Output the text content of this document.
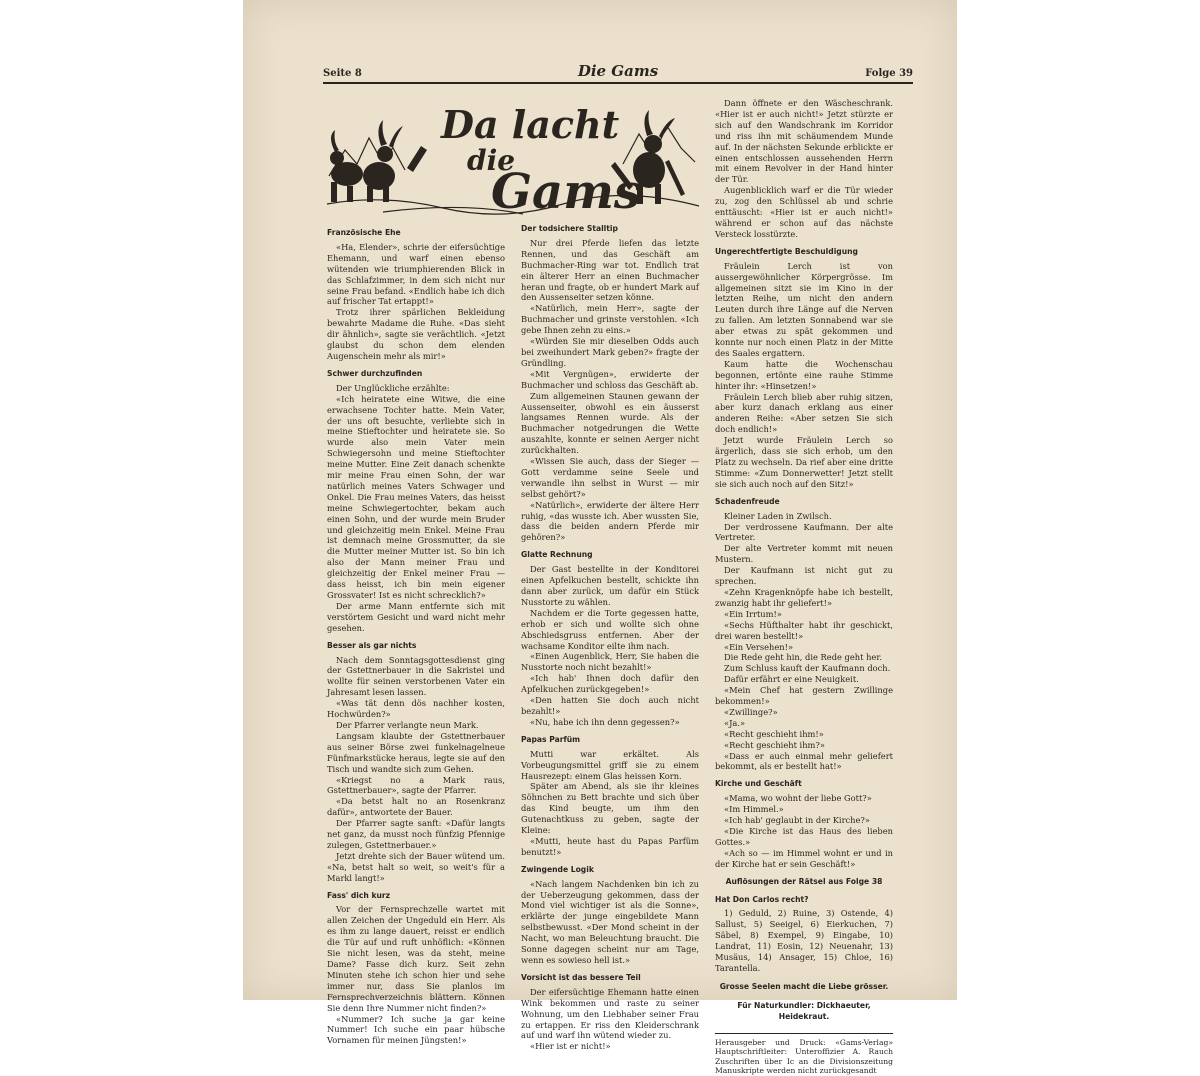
Seite 8	Die Gams	Folge 39
Da lacht
die
Gams
Französische Ehe

«Ha, Elender», schrie der eifersüchtige Ehemann, und warf einen ebenso wütenden wie triumphierenden Blick in das Schlafzimmer, in dem sich nicht nur seine Frau befand. «Endlich habe ich dich auf frischer Tat ertappt!»

Trotz ihrer spärlichen Bekleidung bewahrte Madame die Ruhe. «Das sieht dir ähnlich», sagte sie verächtlich. «Jetzt glaubst du schon dem elenden Augenschein mehr als mir!»

Schwer durchzufinden

Der Unglückliche erzählte:

«Ich heiratete eine Witwe, die eine erwachsene Tochter hatte. Mein Vater, der uns oft besuchte, verliebte sich in meine Stieftochter und heiratete sie. So wurde also mein Vater mein Schwiegersohn und meine Stieftochter meine Mutter. Eine Zeit danach schenkte mir meine Frau einen Sohn, der war natürlich meines Vaters Schwager und Onkel. Die Frau meines Vaters, das heisst meine Schwiegertochter, bekam auch einen Sohn, und der wurde mein Bruder und gleichzeitig mein Enkel. Meine Frau ist demnach meine Grossmutter, da sie die Mutter meiner Mutter ist. So bin ich also der Mann meiner Frau und gleichzeitig der Enkel meiner Frau — dass heisst, ich bin mein eigener Grossvater! Ist es nicht schrecklich?»

Der arme Mann entfernte sich mit verstörtem Gesicht und ward nicht mehr gesehen.

Besser als gar nichts

Nach dem Sonntagsgottesdienst ging der Gstettnerbauer in die Sakristei und wollte für seinen verstorbenen Vater ein Jahresamt lesen lassen.

«Was tät denn dös nachher kosten, Hochwürden?»

Der Pfarrer verlangte neun Mark.

Langsam klaubte der Gstettnerbauer aus seiner Börse zwei funkelnagelneue Fünfmarkstücke heraus, legte sie auf den Tisch und wandte sich zum Gehen.

«Kriegst no a Mark raus, Gstettnerbauer», sagte der Pfarrer.

«Da betst halt no an Rosenkranz dafür», antwortete der Bauer.

Der Pfarrer sagte sanft: «Dafür langts net ganz, da musst noch fünfzig Pfennige zulegen, Gstettnerbauer.»

Jetzt drehte sich der Bauer wütend um. «Na, betst halt so weit, so weit's für a Markl langt!»

Fass' dich kurz

Vor der Fernsprechzelle wartet mit allen Zeichen der Ungeduld ein Herr. Als es ihm zu lange dauert, reisst er endlich die Tür auf und ruft unhöflich: «Können Sie nicht lesen, was da steht, meine Dame? Fasse dich kurz. Seit zehn Minuten stehe ich schon hier und sehe immer nur, dass Sie planlos im Fernsprechverzeichnis blättern. Können Sie denn Ihre Nummer nicht finden?»

«Nummer? Ich suche ja gar keine Nummer! Ich suche ein paar hübsche Vornamen für meinen Jüngsten!»

Der todsichere Stalltip

Nur drei Pferde liefen das letzte Rennen, und das Geschäft am Buchmacher-Ring war tot. Endlich trat ein älterer Herr an einen Buchmacher heran und fragte, ob er hundert Mark auf den Aussenseiter setzen könne.

«Natürlich, mein Herr», sagte der Buchmacher und grinste verstohlen. «Ich gebe Ihnen zehn zu eins.»

«Würden Sie mir dieselben Odds auch bei zweihundert Mark geben?» fragte der Gründling.

«Mit Vergnügen», erwiderte der Buchmacher und schloss das Geschäft ab.

Zum allgemeinen Staunen gewann der Aussenseiter, obwohl es ein äusserst langsames Rennen wurde. Als der Buchmacher notgedrungen die Wette auszahlte, konnte er seinen Aerger nicht zurückhalten.

«Wissen Sie auch, dass der Sieger — Gott verdamme seine Seele und verwandle ihn selbst in Wurst — mir selbst gehört?»

«Natürlich», erwiderte der ältere Herr ruhig, «das wusste ich. Aber wussten Sie, dass die beiden andern Pferde mir gehören?»

Glatte Rechnung

Der Gast bestellte in der Konditorei einen Apfelkuchen bestellt, schickte ihn dann aber zurück, um dafür ein Stück Nusstorte zu wählen.

Nachdem er die Torte gegessen hatte, erhob er sich und wollte sich ohne Abschiedsgruss entfernen. Aber der wachsame Konditor eilte ihm nach.

«Einen Augenblick, Herr, Sie haben die Nusstorte noch nicht bezahlt!»

«Ich hab' Ihnen doch dafür den Apfelkuchen zurückgegeben!»

«Den hatten Sie doch auch nicht bezahlt!»

«Nu, habe ich ihn denn gegessen?»

Papas Parfüm

Mutti war erkältet. Als Vorbeugungsmittel griff sie zu einem Hausrezept: einem Glas heissen Korn.

Später am Abend, als sie ihr kleines Söhnchen zu Bett brachte und sich über das Kind beugte, um ihm den Gutenachtkuss zu geben, sagte der Kleine:

«Mutti, heute hast du Papas Parfüm benutzt!»

Zwingende Logik

«Nach langem Nachdenken bin ich zu der Ueberzeugung gekommen, dass der Mond viel wichtiger ist als die Sonne», erklärte der junge eingebildete Mann selbstbewusst. «Der Mond scheint in der Nacht, wo man Beleuchtung braucht. Die Sonne dagegen scheint nur am Tage, wenn es sowieso hell ist.»

Vorsicht ist das bessere Teil

Der eifersüchtige Ehemann hatte einen Wink bekommen und raste zu seiner Wohnung, um den Liebhaber seiner Frau zu ertappen. Er riss den Kleiderschrank auf und warf ihn wütend wieder zu.

«Hier ist er nicht!»

Dann öffnete er den Wäscheschrank. «Hier ist er auch nicht!» Jetzt stürzte er sich auf den Wandschrank im Korridor und riss ihn mit schäumendem Munde auf. In der nächsten Sekunde erblickte er einen entschlossen aussehenden Herrn mit einem Revolver in der Hand hinter der Tür.

Augenblicklich warf er die Tür wieder zu, zog den Schlüssel ab und schrie enttäuscht: «Hier ist er auch nicht!» während er schon auf das nächste Versteck losstürzte.

Ungerechtfertigte Beschuldigung

Fräulein Lerch ist von aussergewöhnlicher Körpergrösse. Im allgemeinen sitzt sie im Kino in der letzten Reihe, um nicht den andern Leuten durch ihre Länge auf die Nerven zu fallen. Am letzten Sonnabend war sie aber etwas zu spät gekommen und konnte nur noch einen Platz in der Mitte des Saales ergattern.

Kaum hatte die Wochenschau begonnen, ertönte eine rauhe Stimme hinter ihr: «Hinsetzen!»

Fräulein Lerch blieb aber ruhig sitzen, aber kurz danach erklang aus einer anderen Reihe: «Aber setzen Sie sich doch endlich!»

Jetzt wurde Fräulein Lerch so ärgerlich, dass sie sich erhob, um den Platz zu wechseln. Da rief aber eine dritte Stimme: «Zum Donnerwetter! Jetzt stellt sie sich auch noch auf den Sitz!»

Schadenfreude

Kleiner Laden in Zwilsch.

Der verdrossene Kaufmann. Der alte Vertreter.

Der alte Vertreter kommt mit neuen Mustern.

Der Kaufmann ist nicht gut zu sprechen.

«Zehn Kragenknöpfe habe ich bestellt, zwanzig habt ihr geliefert!»

«Ein Irrtum!»

«Sechs Hüfthalter habt ihr geschickt, drei waren bestellt!»

«Ein Versehen!»

Die Rede geht hin, die Rede geht her.

Zum Schluss kauft der Kaufmann doch.

Dafür erfährt er eine Neuigkeit.

«Mein Chef hat gestern Zwillinge bekommen!»

«Zwillinge?»

«Ja.»

«Recht geschieht ihm!»

«Recht geschieht ihm?»

«Dass er auch einmal mehr geliefert bekommt, als er bestellt hat!»

Kirche und Geschäft

«Mama, wo wohnt der liebe Gott?»

«Im Himmel.»

«Ich hab' geglaubt in der Kirche?»

«Die Kirche ist das Haus des lieben Gottes.»

«Ach so — im Himmel wohnt er und in der Kirche hat er sein Geschäft!»

Auflösungen der Rätsel aus Folge 38
Hat Don Carlos recht?

1) Geduld, 2) Ruine, 3) Ostende, 4) Sallust, 5) Seeigel, 6) Eierkuchen, 7) Säbel, 8) Exempel, 9) Eingabe, 10) Landrat, 11) Eosin, 12) Neuenahr, 13) Musäus, 14) Ansager, 15) Chloe, 16) Tarantella.

Grosse Seelen macht die Liebe grösser.
Für Naturkundler: Dickhaeuter, Heidekraut.
Herausgeber und Druck: «Gams-Verlag» Hauptschriftleiter: Unteroffizier A. Rauch Zuschriften über Ic an die Divisionszeitung Manuskripte werden nicht zurückgesandt
